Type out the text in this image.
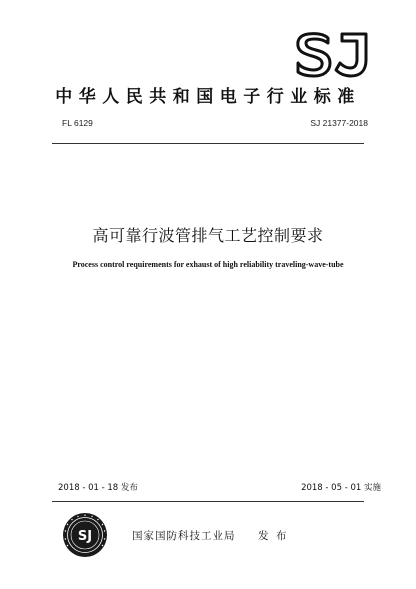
中华人民共和国电子行业标准
FL 6129	SJ 21377-2018
高可靠行波管排气工艺控制要求
Process control requirements for exhaust of high reliability traveling-wave-tube
2018 - 01 - 18 发布	2018 - 05 - 01 实施
SJ	国家国防科技工业局 发 布
